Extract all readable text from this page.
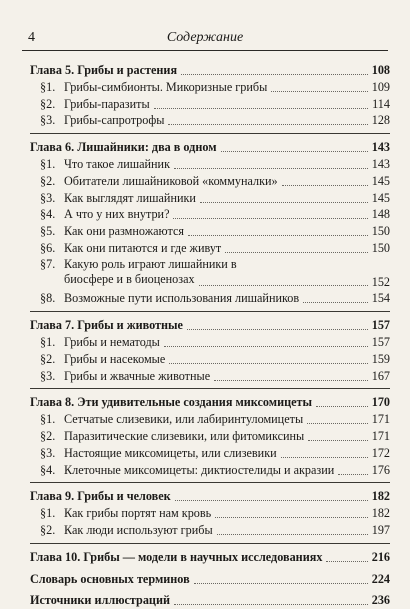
4	Содержание
Глава 5. Грибы и растения	108
§1. Грибы-симбионты. Микоризные грибы	109
§2. Грибы-паразиты	114
§3. Грибы-сапротрофы	128
Глава 6. Лишайники: два в одном	143
§1. Что такое лишайник	143
§2. Обитатели лишайниковой «коммуналки»	145
§3. Как выглядят лишайники	145
§4. А что у них внутри?	148
§5. Как они размножаются	150
§6. Как они питаются и где живут	150
§7. Какую роль играют лишайники в биосфере и в биоценозах	152
§8. Возможные пути использования лишайников	154
Глава 7. Грибы и животные	157
§1. Грибы и нематоды	157
§2. Грибы и насекомые	159
§3. Грибы и жвачные животные	167
Глава 8. Эти удивительные создания миксомицеты	170
§1. Сетчатые слизевики, или лабиринтуломицеты	171
§2. Паразитические слизевики, или фитомиксины	171
§3. Настоящие миксомицеты, или слизевики	172
§4. Клеточные миксомицеты: диктиостелиды и акразии	176
Глава 9. Грибы и человек	182
§1. Как грибы портят нам кровь	182
§2. Как люди используют грибы	197
Глава 10. Грибы — модели в научных исследованиях	216
Словарь основных терминов	224
Источники иллюстраций	236
